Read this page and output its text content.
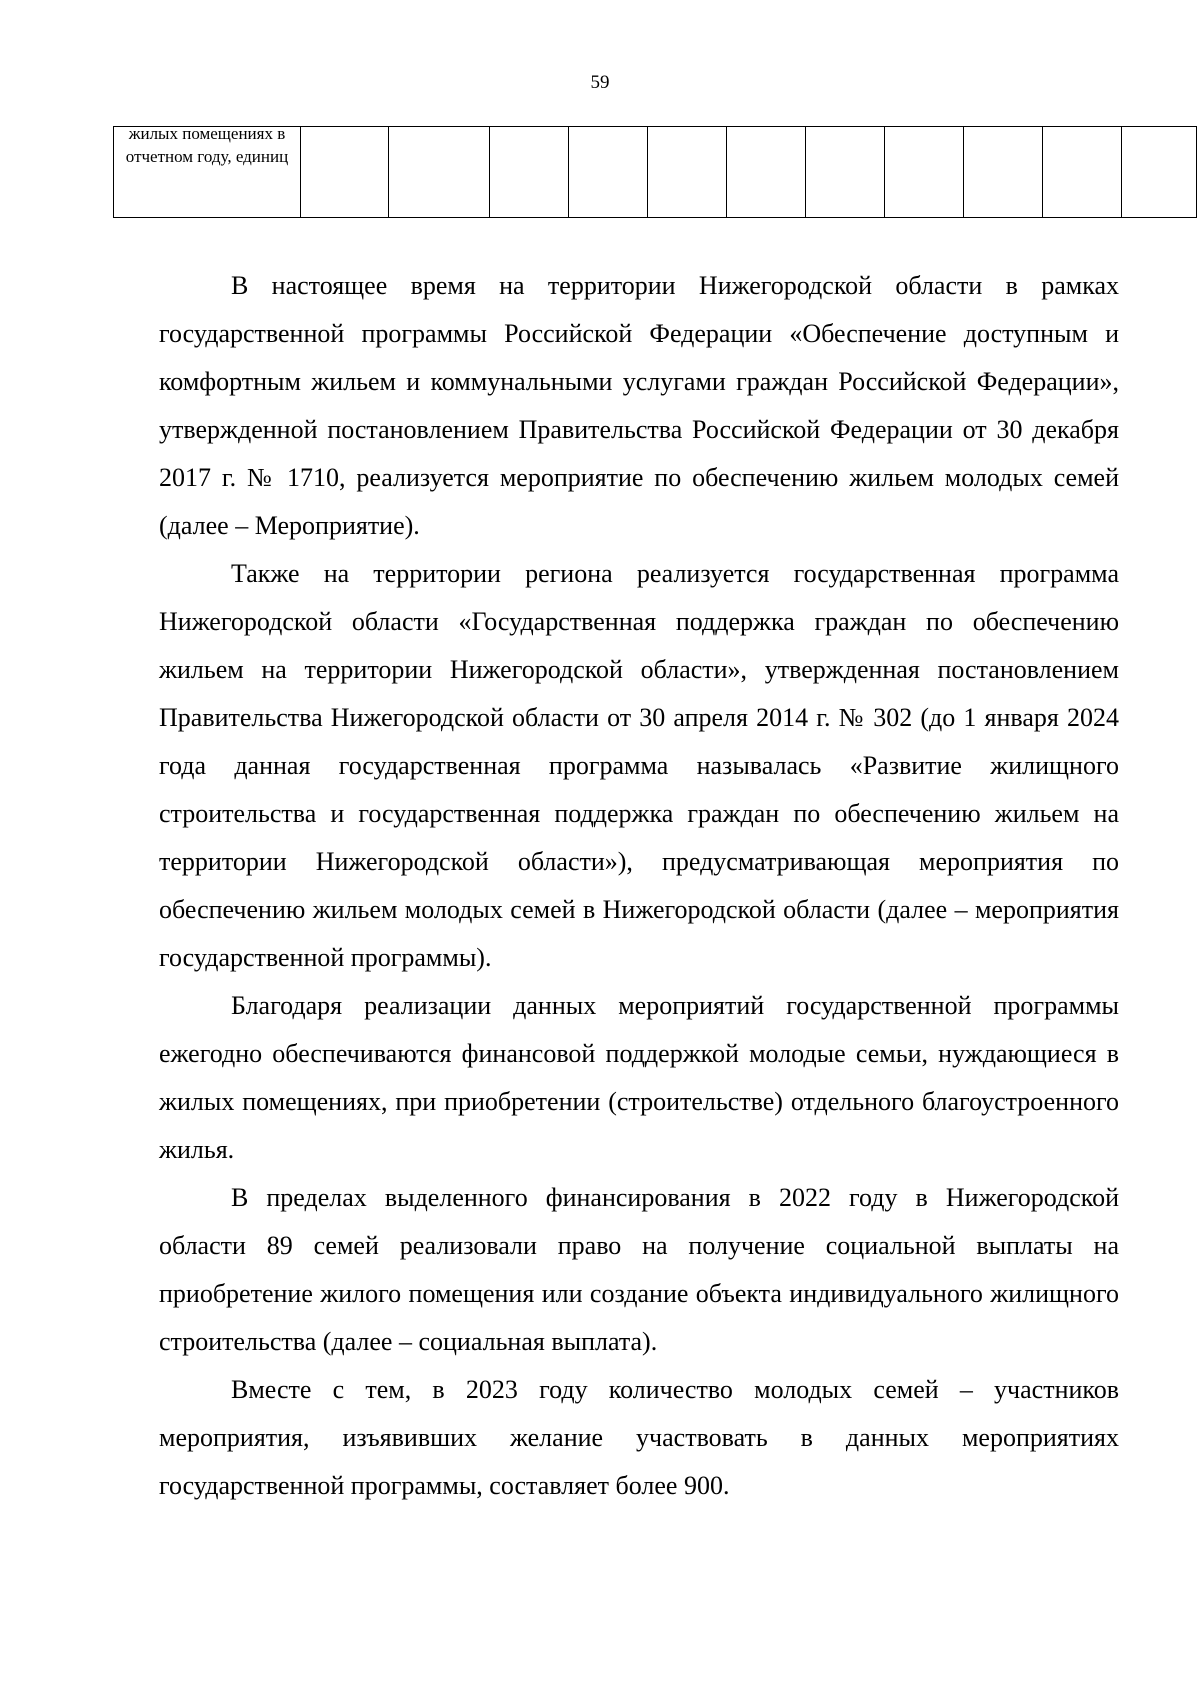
59
жилых помещениях в отчетном году, единиц

В настоящее время на территории Нижегородской области в рамках государственной программы Российской Федерации «Обеспечение доступным и комфортным жильем и коммунальными услугами граждан Российской Федерации», утвержденной постановлением Правительства Российской Федерации от 30 декабря 2017 г. № 1710, реализуется мероприятие по обеспечению жильем молодых семей (далее – Мероприятие).

Также на территории региона реализуется государственная программа Нижегородской области «Государственная поддержка граждан по обеспечению жильем на территории Нижегородской области», утвержденная постановлением Правительства Нижегородской области от 30 апреля 2014 г. № 302 (до 1 января 2024 года данная государственная программа называлась «Развитие жилищного строительства и государственная поддержка граждан по обеспечению жильем на территории Нижегородской области»), предусматривающая мероприятия по обеспечению жильем молодых семей в Нижегородской области (далее – мероприятия государственной программы).

Благодаря реализации данных мероприятий государственной программы ежегодно обеспечиваются финансовой поддержкой молодые семьи, нуждающиеся в жилых помещениях, при приобретении (строительстве) отдельного благоустроенного жилья.

В пределах выделенного финансирования в 2022 году в Нижегородской области 89 семей реализовали право на получение социальной выплаты на приобретение жилого помещения или создание объекта индивидуального жилищного строительства (далее – социальная выплата).

Вместе с тем, в 2023 году количество молодых семей – участников мероприятия, изъявивших желание участвовать в данных мероприятиях государственной программы, составляет более 900.
